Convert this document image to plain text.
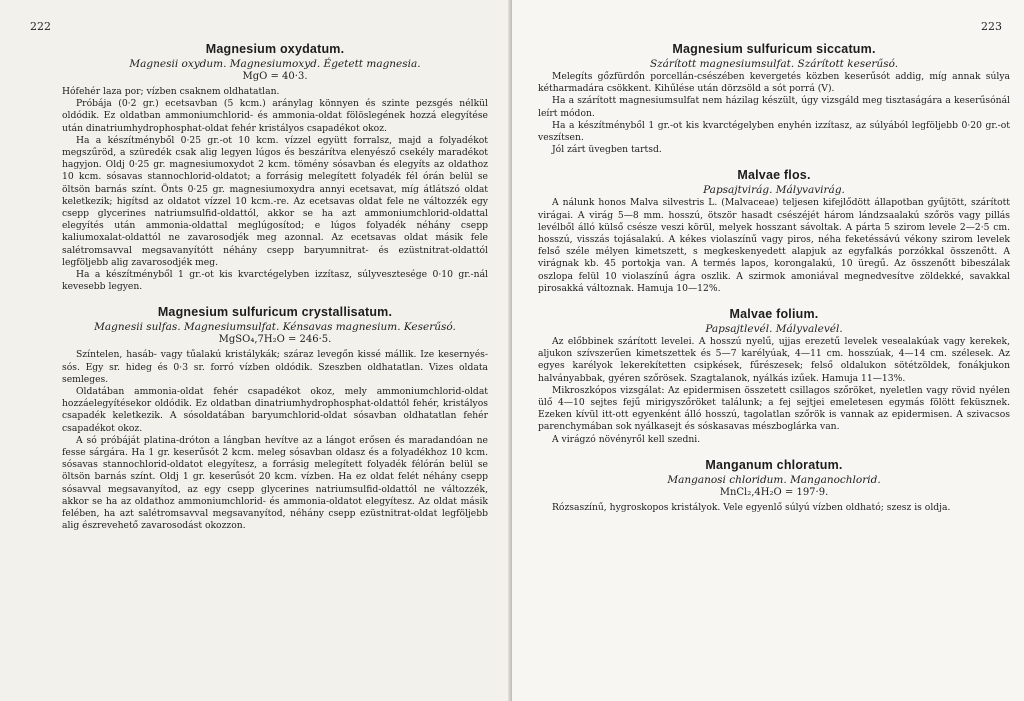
222
Magnesium oxydatum.
Magnesii oxydum. Magnesiumoxyd. Égetett magnesia.
MgO = 40·3.

Hófehér laza por; vízben csaknem oldhatatlan.

Próbája (0·2 gr.) ecetsavban (5 kcm.) aránylag könnyen és szinte pezsgés nélkül oldódik. Ez oldatban ammoniumchlorid- és ammonia-oldat fölöslegének hozzá elegyítése után dinatriumhydrophosphat-oldat fehér kristályos csapadékot okoz.

Ha a készítményből 0·25 gr.-ot 10 kcm. vízzel együtt forralsz, majd a folyadékot megszűröd, a szüredék csak alig legyen lúgos és beszárítva elenyésző csekély maradékot hagyjon. Oldj 0·25 gr. magnesiumoxydot 2 kcm. tömény sósavban és elegyíts az oldathoz 10 kcm. sósavas stannochlorid-oldatot; a forrásig melegített folyadék fél órán belül se öltsön barnás színt. Önts 0·25 gr. magnesiumoxydra annyi ecetsavat, míg átlátszó oldat keletkezik; higítsd az oldatot vízzel 10 kcm.-re. Az ecetsavas oldat fele ne változzék egy csepp glycerines natriumsulfid-oldattól, akkor se ha azt ammoniumchlorid-oldattal elegyítés után ammonia-oldattal meglúgosítod; e lúgos folyadék néhány csepp kaliumoxalat-oldattól ne zavarosodjék meg azonnal. Az ecetsavas oldat másik fele salétromsavval megsavanyítótt néhány csepp baryumnitrat- és ezüstnitrat-oldattól legföljebb alig zavarosodjék meg.

Ha a készítményből 1 gr.-ot kis kvarctégelyben izzítasz, súlyvesztesége 0·10 gr.-nál kevesebb legyen.

Magnesium sulfuricum crystallisatum.
Magnesii sulfas. Magnesiumsulfat. Kénsavas magnesium. Keserűsó.
MgSO₄,7H₂O = 246·5.

Színtelen, hasáb- vagy tűalakú kristálykák; száraz levegőn kissé mállik. Ize kesernyés-sós. Egy sr. hideg és 0·3 sr. forró vízben oldódik. Szeszben oldhatatlan. Vizes oldata semleges.

Oldatában ammonia-oldat fehér csapadékot okoz, mely ammoniumchlorid-oldat hozzáelegyítésekor oldódik. Ez oldatban dinatriumhydrophosphat-oldattól fehér, kristályos csapadék keletkezik. A sósoldatában baryumchlorid-oldat sósavban oldhatatlan fehér csapadékot okoz.

A só próbáját platina-dróton a lángban hevítve az a lángot erősen és maradandóan ne fesse sárgára. Ha 1 gr. keserűsót 2 kcm. meleg sósavban oldasz és a folyadékhoz 10 kcm. sósavas stannochlorid-oldatot elegyítesz, a forrásig melegített folyadék félórán belül se öltsön barnás színt. Oldj 1 gr. keserűsót 20 kcm. vízben. Ha ez oldat felét néhány csepp sósavval megsavanyítod, az egy csepp glycerines natriumsulfid-oldattól ne változzék, akkor se ha az oldathoz ammoniumchlorid- és ammonia-oldatot elegyítesz. Az oldat másik felében, ha azt salétromsavval megsavanyítod, néhány csepp ezüstnitrat-oldat legföljebb alig észrevehető zavarosodást okozzon.

223
Magnesium sulfuricum siccatum.
Szárított magnesiumsulfat. Szárított keserűsó.

Melegíts gőzfürdőn porcellán-csészében kevergetés közben keserűsót addig, míg annak súlya kétharmadára csökkent. Kihűlése után dörzsöld a sót porrá (V).

Ha a szárított magnesiumsulfat nem házilag készült, úgy vizsgáld meg tisztaságára a keserűsónál leírt módon.

Ha a készítményből 1 gr.-ot kis kvarctégelyben enyhén izzítasz, az súlyából legföljebb 0·20 gr.-ot veszítsen.

Jól zárt üvegben tartsd.

Malvae flos.
Papsajtvirág. Mályvavirág.

A nálunk honos Malva silvestris L. (Malvaceae) teljesen kifejlődött állapotban gyűjtött, szárított virágai. A virág 5—8 mm. hosszú, ötször hasadt csészéjét három lándzsaalakú szőrös vagy pillás levélből álló külső csésze veszi körül, melyek hosszant sávoltak. A párta 5 szirom levele 2—2·5 cm. hosszú, visszás tojásalakú. A kékes violaszínű vagy piros, néha feketéssávú vékony szirom levelek felső széle mélyen kimetszett, s megkeskenyedett alapjuk az egyfalkás porzókkal összenőtt. A virágnak kb. 45 portokja van. A termés lapos, korongalakú, 10 üregű. Az összenőtt bibeszálak oszlopa felül 10 violaszínű ágra oszlik. A szirmok amoniával megnedvesítve zöldekké, savakkal pirosakká változnak. Hamuja 10—12%.

Malvae folium.
Papsajtlevél. Mályvalevél.

Az előbbinek szárított levelei. A hosszú nyelű, ujjas erezetű levelek vesealakúak vagy kerekek, aljukon szívszerűen kimetszettek és 5—7 karélyúak, 4—11 cm. hosszúak, 4—14 cm. szélesek. Az egyes karélyok lekerekítetten csipkések, fűrészesek; felső oldalukon sötétzöldek, fonákjukon halványabbak, gyéren szőrösek. Szagtalanok, nyálkás izűek. Hamuja 11—13%.

Mikroszkópos vizsgálat: Az epidermisen összetett csillagos szőröket, nyeletlen vagy rövid nyélen ülő 4—10 sejtes fejű mirigyszőröket találunk; a fej sejtjei emeletesen egymás fölött feküsznek. Ezeken kívül itt-ott egyenként álló hosszú, tagolatlan szőrök is vannak az epidermisen. A szivacsos parenchymában sok nyálkasejt és sóskasavas mészboglárka van.

A virágzó növényről kell szedni.

Manganum chloratum.
Manganosi chloridum. Manganochlorid.
MnCl₂,4H₂O = 197·9.

Rózsaszínű, hygroskopos kristályok. Vele egyenlő súlyú vízben oldható; szesz is oldja.
